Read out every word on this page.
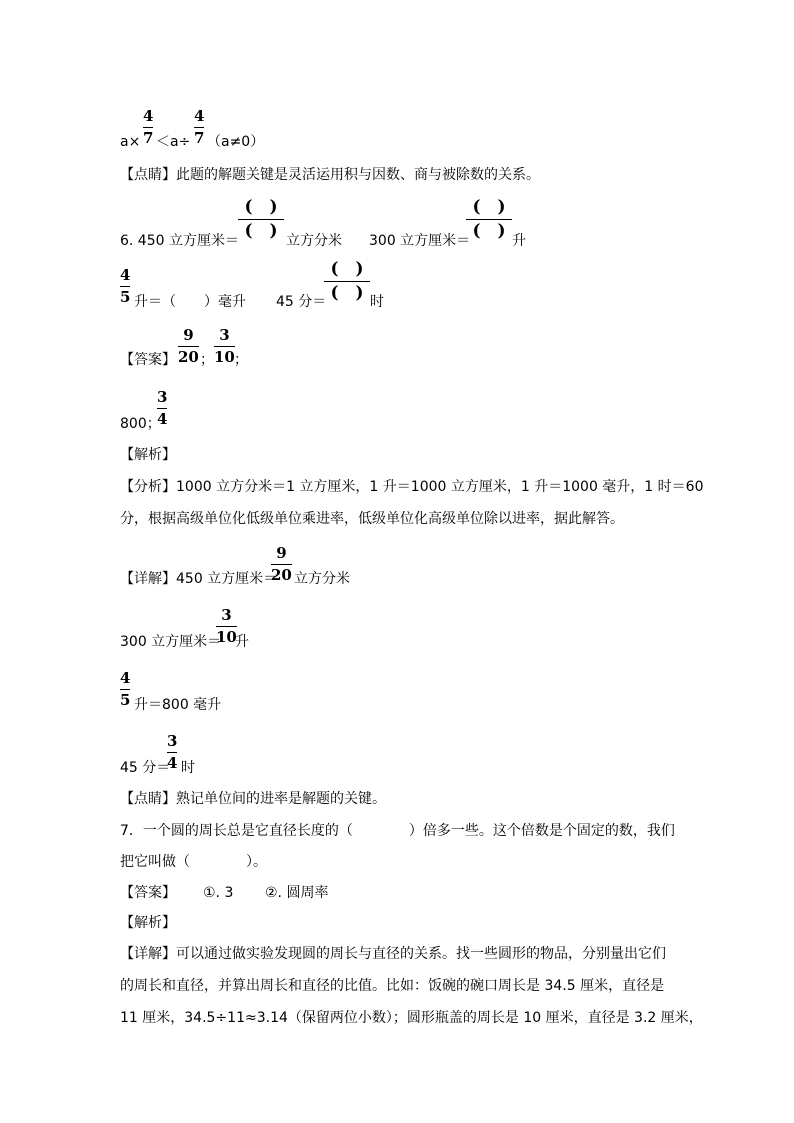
a×
4
7 ＜a÷
4
7 （a≠0）
【点睛】此题的解题关键是灵活运用积与因数、商与被除数的关系。
6. 450 立方厘米＝
(　)
(　) 立方分米 300 立方厘米＝
(　)
(　) 升
4
5 升＝（　　）毫升 45 分＝
(　)
(　) 时
【答案】
9
20 ；
3
10 ；
800；
3
4
【解析】
【分析】1000 立方分米＝1 立方厘米，1 升＝1000 立方厘米，1 升＝1000 毫升，1 时＝60
分，根据高级单位化低级单位乘进率，低级单位化高级单位除以进率，据此解答。
【详解】450 立方厘米＝
9
20 立方分米
300 立方厘米＝
3
10
升
4
5 升＝800 毫升
45 分＝
3
4 时
【点睛】熟记单位间的进率是解题的关键。
7．一个圆的周长总是它直径长度的（　　　　）倍多一些。这个倍数是个固定的数，我们
把它叫做（　　　　）。
【答案】 ①. 3 ②. 圆周率
【解析】
【详解】可以通过做实验发现圆的周长与直径的关系。找一些圆形的物品，分别量出它们
的周长和直径，并算出周长和直径的比值。比如：饭碗的碗口周长是 34.5 厘米，直径是
11 厘米，34.5÷11≈3.14（保留两位小数）；圆形瓶盖的周长是 10 厘米，直径是 3.2 厘米，
